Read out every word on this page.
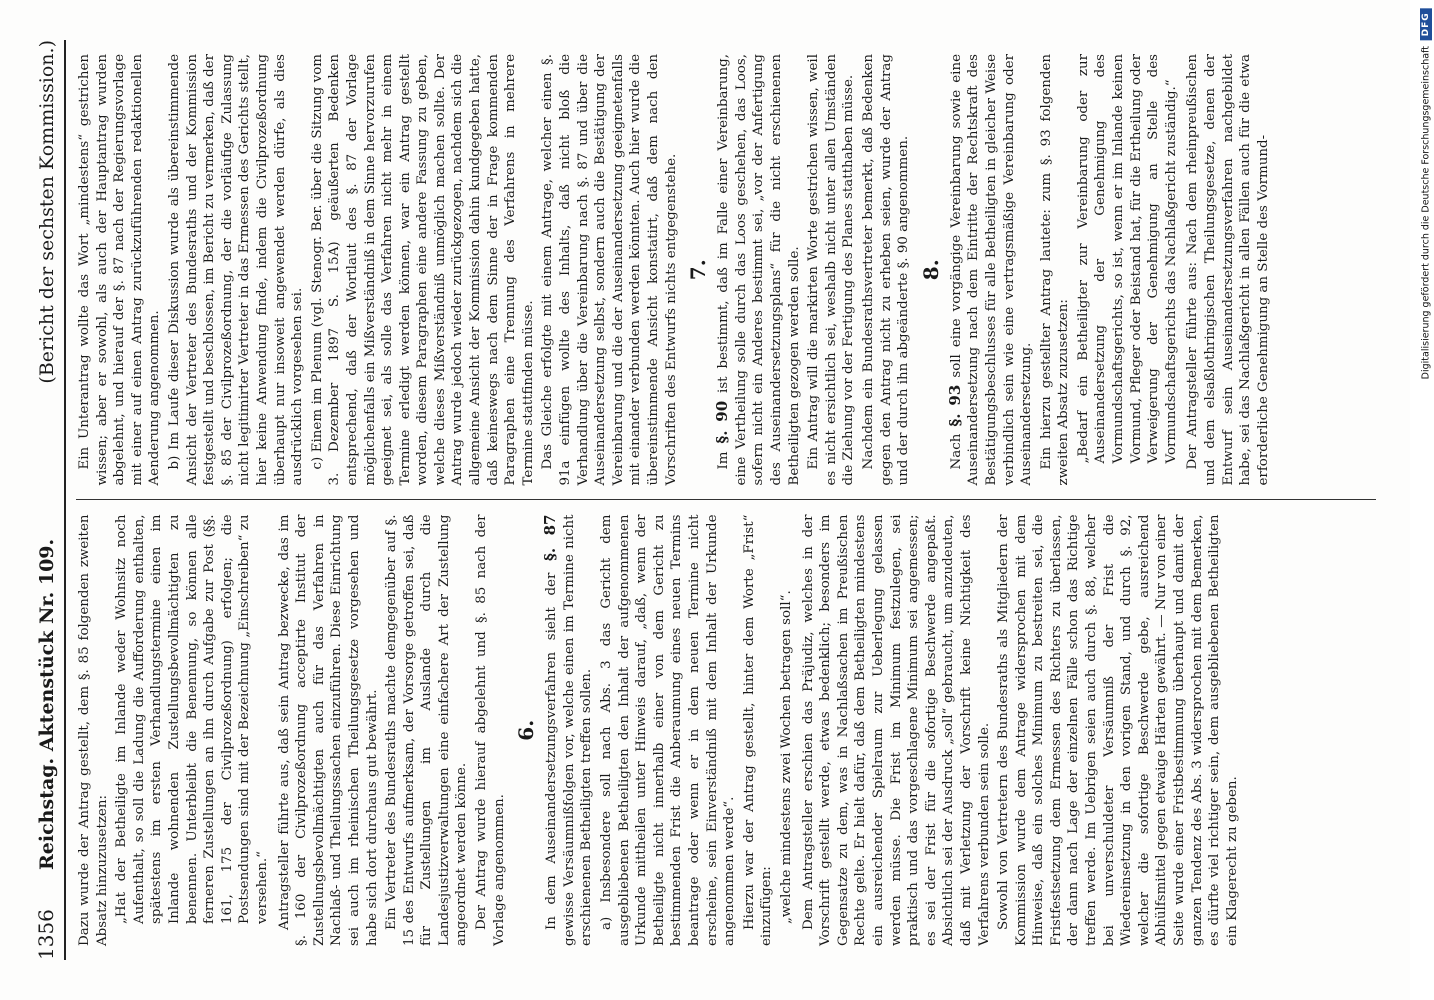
1356
Reichstag. Aktenstück Nr. 109.
(Bericht der sechsten Kommission.)

Dazu wurde der Antrag gestellt, dem §. 85 folgenden zweiten Absatz hinzuzusetzen: „Hat der Betheiligte im Inlande weder Wohnsitz noch Aufenthalt, so soll die Ladung die Aufforderung enthalten, spätestens im ersten Verhandlungstermine einen im Inlande wohnenden Zustellungsbevollmächtigten zu benennen. Unterbleibt die Benennung, so können alle ferneren Zustellungen an ihn durch Aufgabe zur Post (§§. 161, 175 der Civilprozeßordnung) erfolgen; die Postsendungen sind mit der Bezeichnung „Einschreiben“ zu versehen.“ Antragsteller führte aus, daß sein Antrag bezwecke, das im §. 160 der Civilprozeßordnung acceptirte Institut der Zustellungsbevollmächtigten auch für das Verfahren in Nachlaß- und Theilungssachen einzuführen. Diese Einrichtung sei auch im rheinischen Theilungsgesetze vorgesehen und habe sich dort durchaus gut bewährt. Ein Vertreter des Bundesraths machte demgegenüber auf §. 15 des Entwurfs aufmerksam, der Vorsorge getroffen sei, daß für Zustellungen im Auslande durch die Landesjustizverwaltungen eine einfachere Art der Zustellung angeordnet werden könne. Der Antrag wurde hierauf abgelehnt und §. 85 nach der Vorlage angenommen.

6. In dem Auseinandersetzungsverfahren sieht der §. 87 gewisse Versäumnißfolgen vor, welche einen im Termine nicht erschienenen Betheiligten treffen sollen. a) Insbesondere soll nach Abs. 3 das Gericht dem ausgebliebenen Betheiligten den Inhalt der aufgenommenen Urkunde mittheilen unter Hinweis darauf, „daß, wenn der Betheiligte nicht innerhalb einer von dem Gericht zu bestimmenden Frist die Anberaumung eines neuen Termins beantrage oder wenn er in dem neuen Termine nicht erscheine, sein Einverständniß mit dem Inhalt der Urkunde angenommen werde“. Hierzu war der Antrag gestellt, hinter dem Worte „Frist“ einzufügen: „welche mindestens zwei Wochen betragen soll“. Dem Antragsteller erschien das Präjudiz, welches in der Vorschrift gestellt werde, etwas bedenklich; besonders im Gegensatze zu dem, was in Nachlaßsachen im Preußischen Rechte gelte. Er hielt dafür, daß dem Betheiligten mindestens ein ausreichender Spielraum zur Ueberlegung gelassen werden müsse. Die Frist im Minimum festzulegen, sei praktisch und das vorgeschlagene Minimum sei angemessen; es sei der Frist für die sofortige Beschwerde angepaßt. Absichtlich sei der Ausdruck „soll“ gebraucht, um anzudeuten, daß mit Verletzung der Vorschrift keine Nichtigkeit des Verfahrens verbunden sein solle. Sowohl von Vertretern des Bundesraths als Mitgliedern der Kommission wurde dem Antrage widersprochen mit dem Hinweise, daß ein solches Minimum zu bestreiten sei, die Fristfestsetzung dem Ermessen des Richters zu überlassen, der dann nach Lage der einzelnen Fälle schon das Richtige treffen werde. Im Uebrigen seien auch durch §. 88, welcher bei unverschuldeter Versäumniß der Frist die Wiedereinsetzung in den vorigen Stand, und durch §. 92, welcher die sofortige Beschwerde gebe, ausreichend Abhülfsmittel gegen etwaige Härten gewährt. — Nur von einer Seite wurde einer Fristbestimmung überhaupt und damit der ganzen Tendenz des Abs. 3 widersprochen mit dem Bemerken, es dürfte viel richtiger sein, dem ausgebliebenen Betheiligten ein Klagerecht zu geben.

Ein Unterantrag wollte das Wort „mindestens“ gestrichen wissen; aber er sowohl, als auch der Hauptantrag wurden abgelehnt, und hierauf der §. 87 nach der Regierungsvorlage mit einer auf einen Antrag zurückzuführenden redaktionellen Aenderung angenommen. b) Im Laufe dieser Diskussion wurde als übereinstimmende Ansicht der Vertreter des Bundesraths und der Kommission festgestellt und beschlossen, im Bericht zu vermerken, daß der §. 85 der Civilprozeßordnung, der die vorläufige Zulassung nicht legitimirter Vertreter in das Ermessen des Gerichts stellt, hier keine Anwendung finde, indem die Civilprozeßordnung überhaupt nur insoweit angewendet werden dürfe, als dies ausdrücklich vorgesehen sei. c) Einem im Plenum (vgl. Stenogr. Ber. über die Sitzung vom 3. Dezember 1897 S. 15A) geäußerten Bedenken entsprechend, daß der Wortlaut des §. 87 der Vorlage möglichenfalls ein Mißverständniß in dem Sinne hervorzurufen geeignet sei, als solle das Verfahren nicht mehr in einem Termine erledigt werden können, war ein Antrag gestellt worden, diesem Paragraphen eine andere Fassung zu geben, welche dieses Mißverständniß unmöglich machen sollte. Der Antrag wurde jedoch wieder zurückgezogen, nachdem sich die allgemeine Ansicht der Kommission dahin kundgegeben hatte, daß keineswegs nach dem Sinne der in Frage kommenden Paragraphen eine Trennung des Verfahrens in mehrere Termine stattfinden müsse. Das Gleiche erfolgte mit einem Antrage, welcher einen §. 91a einfügen wollte des Inhalts, daß nicht bloß die Verhandlung über die Vereinbarung nach §. 87 und über die Auseinandersetzung selbst, sondern auch die Bestätigung der Vereinbarung und die der Auseinandersetzung geeignetenfalls mit einander verbunden werden könnten. Auch hier wurde die übereinstimmende Ansicht konstatirt, daß dem nach den Vorschriften des Entwurfs nichts entgegenstehe. 7.

Im §. 90 ist bestimmt, daß im Falle einer Vereinbarung, eine Vertheilung solle durch das Loos geschehen, das Loos, sofern nicht ein Anderes bestimmt sei, „vor der Anfertigung des Auseinandersetzungsplans“ für die nicht erschienenen Betheiligten gezogen werden solle. Ein Antrag will die markirten Worte gestrichen wissen, weil es nicht ersichtlich sei, weshalb nicht unter allen Umständen die Ziehung vor der Fertigung des Planes statthaben müsse. Nachdem ein Bundesrathsvertreter bemerkt, daß Bedenken gegen den Antrag nicht zu erheben seien, wurde der Antrag und der durch ihn abgeänderte §. 90 angenommen. 8.

Nach §. 93 soll eine vorgängige Vereinbarung sowie eine Auseinandersetzung nach dem Eintritte der Rechtskraft des Bestätigungsbeschlusses für alle Betheiligten in gleicher Weise verbindlich sein wie eine vertragsmäßige Vereinbarung oder Auseinandersetzung. Ein hierzu gestellter Antrag lautete: zum §. 93 folgenden zweiten Absatz zuzusetzen: „Bedarf ein Betheiligter zur Vereinbarung oder zur Auseinandersetzung der Genehmigung des Vormundschaftsgerichts, so ist, wenn er im Inlande keinen Vormund, Pfleger oder Beistand hat, für die Ertheilung oder Verweigerung der Genehmigung an Stelle des Vormundschaftsgerichts das Nachlaßgericht zuständig.“ Der Antragsteller führte aus: Nach dem rheinpreußischen und dem elsaßlothringischen Theilungsgesetze, denen der Entwurf sein Auseinandersetzungsverfahren nachgebildet habe, sei das Nachlaßgericht in allen Fällen auch für die etwa erforderliche Genehmigung an Stelle des Vormund-	Digitalisierung gefördert durch die Deutsche Forschungsgemeinschaft
DFG
